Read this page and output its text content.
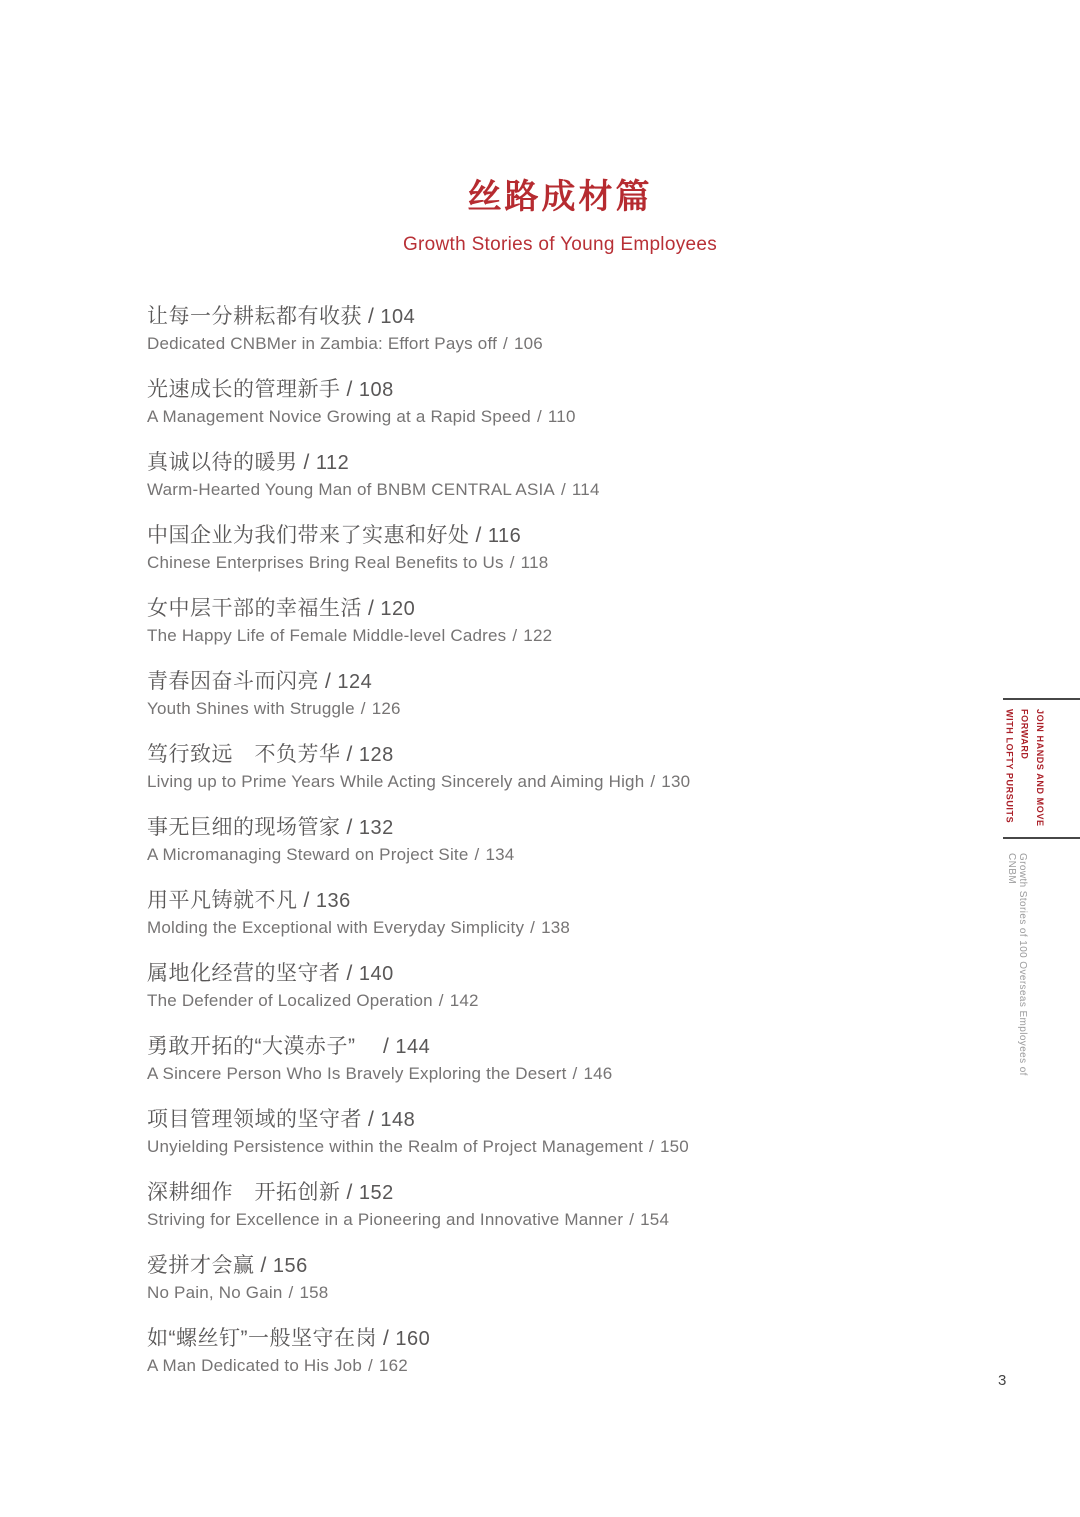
丝路成材篇
Growth Stories of Young Employees
让每一分耕耘都有收获 / 104
Dedicated CNBMer in Zambia: Effort Pays off / 106
光速成长的管理新手 / 108
A Management Novice Growing at a Rapid Speed / 110
真诚以待的暖男 / 112
Warm-Hearted Young Man of BNBM CENTRAL ASIA / 114
中国企业为我们带来了实惠和好处 / 116
Chinese Enterprises Bring Real Benefits to Us / 118
女中层干部的幸福生活 / 120
The Happy Life of Female Middle-level Cadres / 122
青春因奋斗而闪亮 / 124
Youth Shines with Struggle / 126
笃行致远　不负芳华 / 128
Living up to Prime Years While Acting Sincerely and Aiming High / 130
事无巨细的现场管家 / 132
A Micromanaging Steward on Project Site / 134
用平凡铸就不凡 / 136
Molding the Exceptional with Everyday Simplicity / 138
属地化经营的坚守者 / 140
The Defender of Localized Operation / 142
勇敢开拓的“大漠赤子”　/ 144
A Sincere Person Who Is Bravely Exploring the Desert / 146
项目管理领域的坚守者 / 148
Unyielding Persistence within the Realm of Project Management / 150
深耕细作　开拓创新 / 152
Striving for Excellence in a Pioneering and Innovative Manner / 154
爱拼才会赢 / 156
No Pain, No Gain / 158
如“螺丝钉”一般坚守在岗 / 160
A Man Dedicated to His Job / 162
JOIN HANDS AND MOVE FORWARD
WITH LOFTY PURSUITS
Growth Stories of 100 Overseas Employees of CNBM
3
